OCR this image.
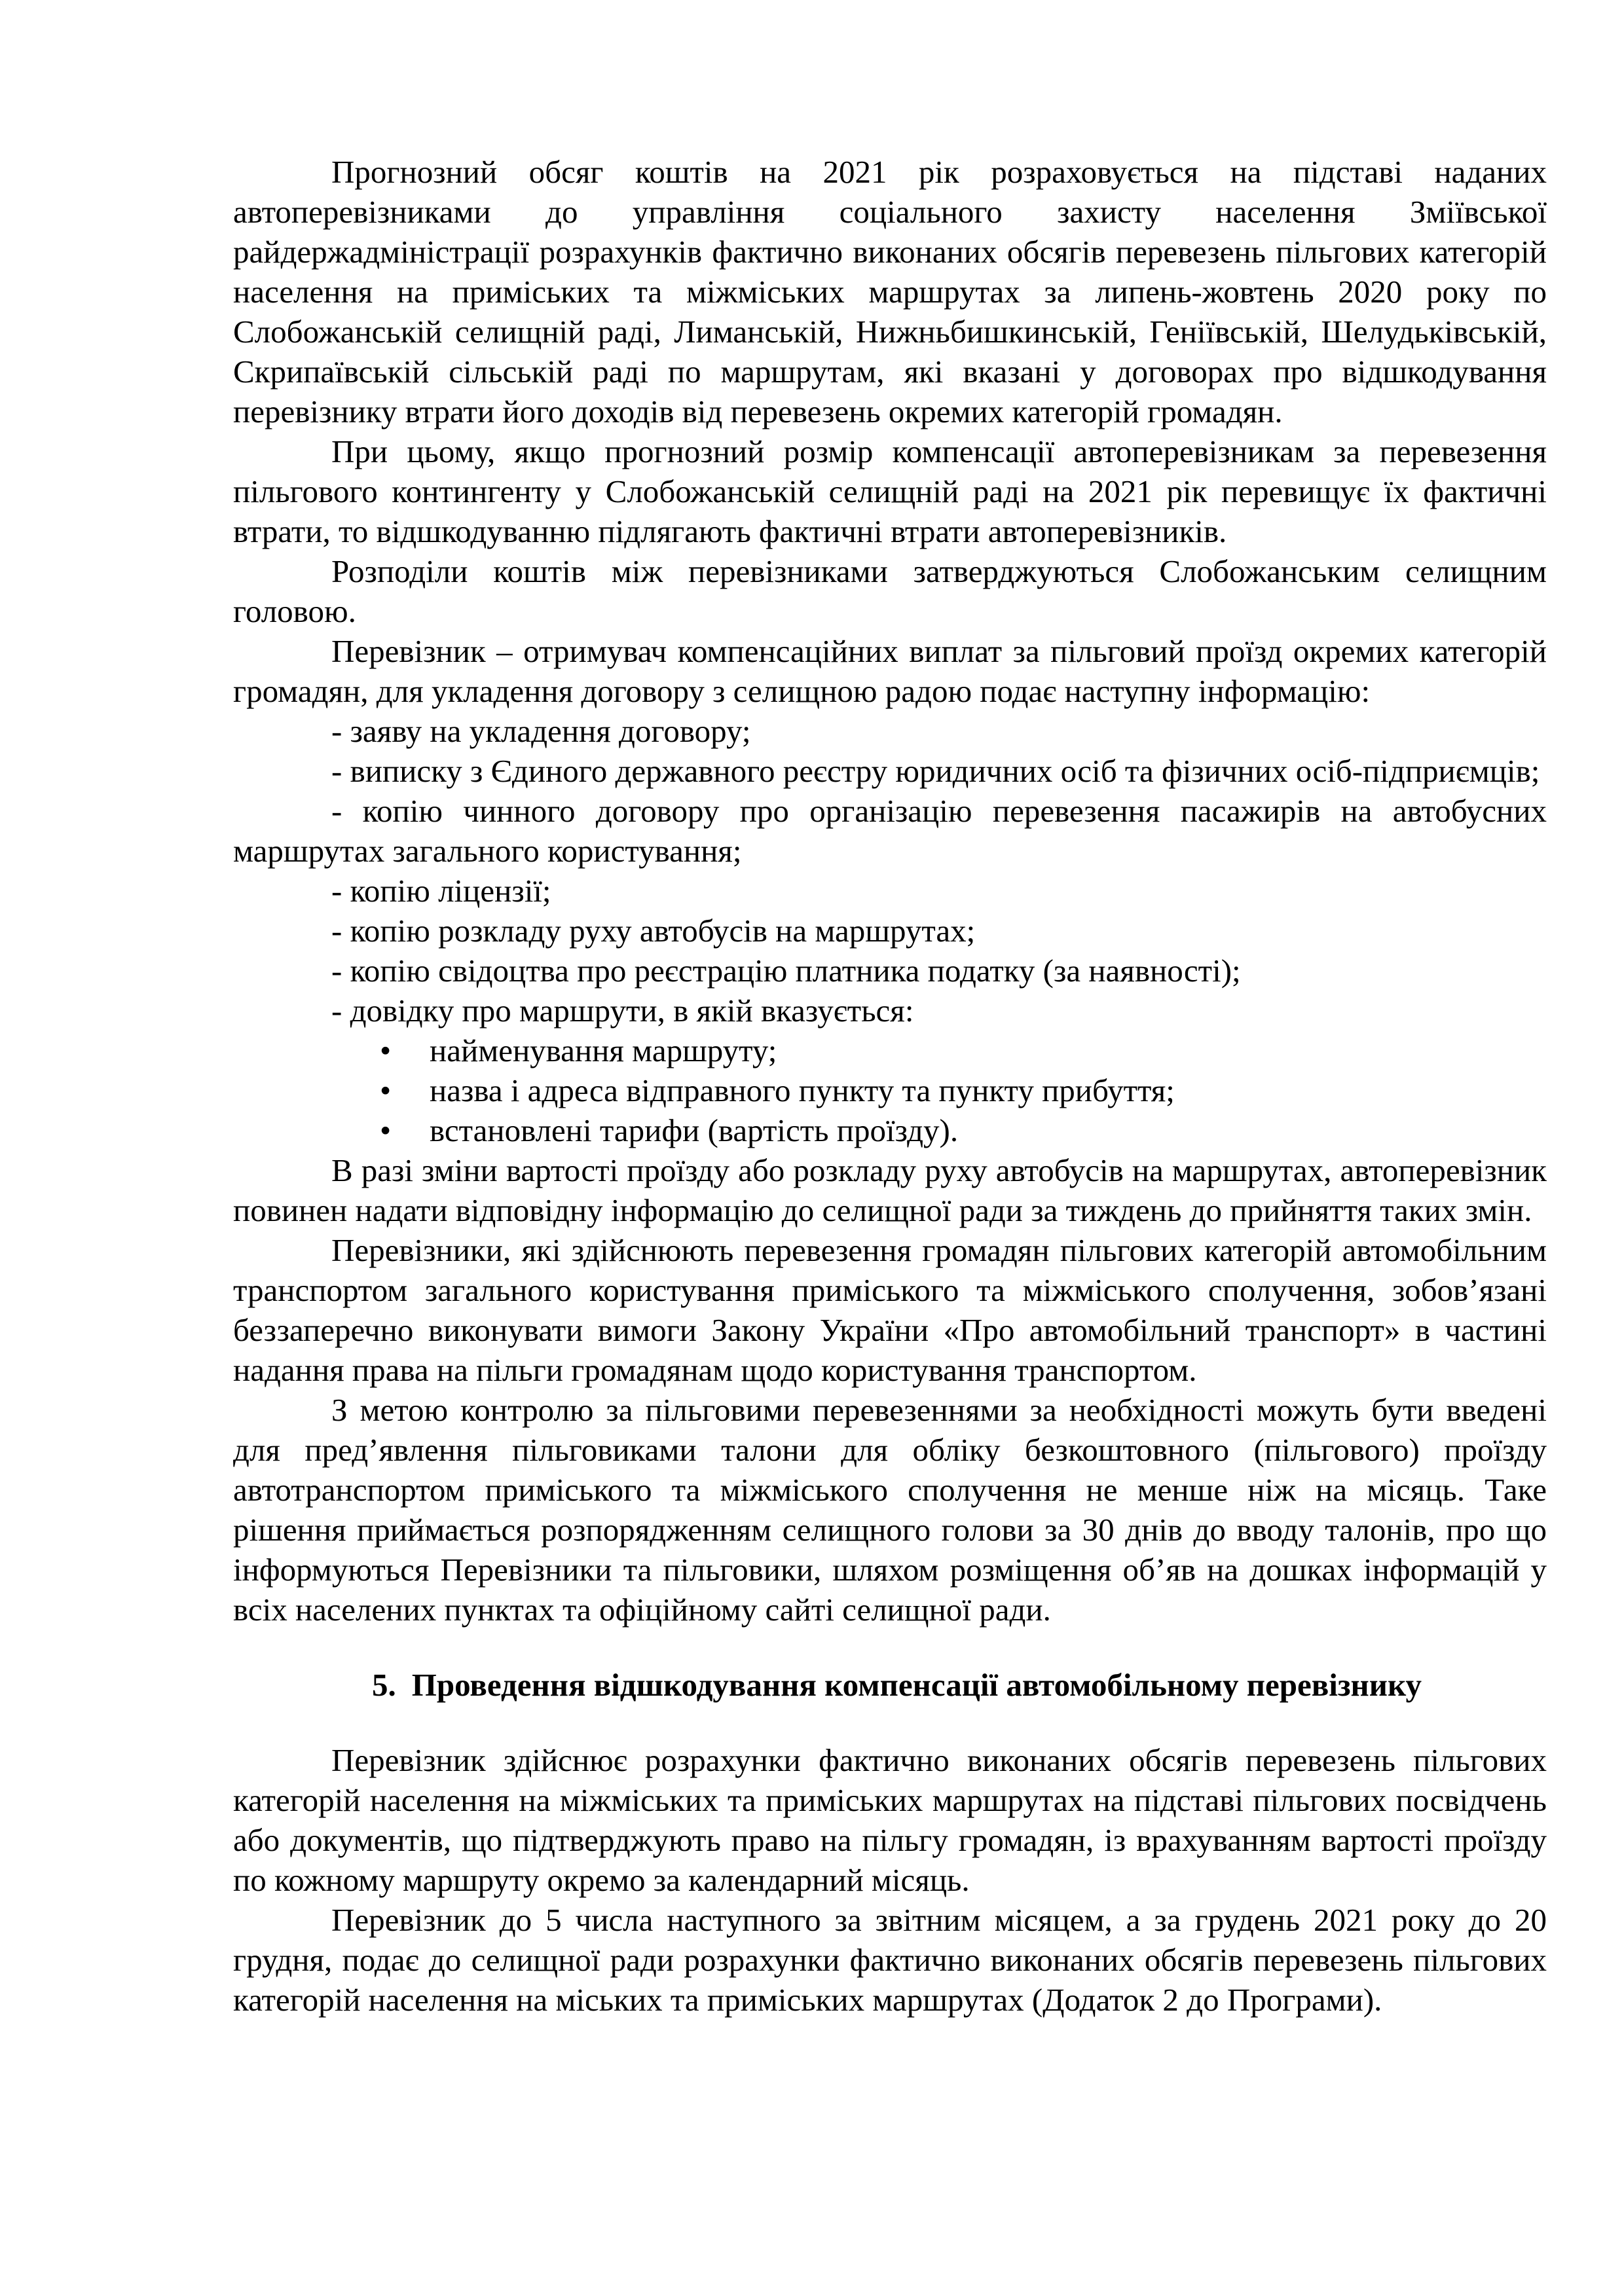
Прогнозний обсяг коштів на 2021 рік розраховується на підставі наданих автоперевізниками до управління соціального захисту населення Зміївської райдержадміністрації розрахунків фактично виконаних обсягів перевезень пільгових категорій населення на приміських та міжміських маршрутах за липень-жовтень 2020 року по Слобожанській селищній раді, Лиманській, Нижньбишкинській, Геніївській, Шелудьківській, Скрипаївській сільській раді по маршрутам, які вказані у договорах про відшкодування перевізнику втрати його доходів від перевезень окремих категорій громадян.

При цьому, якщо прогнозний розмір компенсації автоперевізникам за перевезення пільгового контингенту у Слобожанській селищній раді на 2021 рік перевищує їх фактичні втрати, то відшкодуванню підлягають фактичні втрати автоперевізників.

Розподіли коштів між перевізниками затверджуються Слобожанським селищним головою.

Перевізник – отримувач компенсаційних виплат за пільговий проїзд окремих категорій громадян, для укладення договору з селищною радою подає наступну інформацію:

- заяву на укладення договору;

- виписку з Єдиного державного реєстру юридичних осіб та фізичних осіб-підприємців;

- копію чинного договору про організацію перевезення пасажирів на автобусних маршрутах загального користування;

- копію ліцензії;

- копію розкладу руху автобусів на маршрутах;

- копію свідоцтва про реєстрацію платника податку (за наявності);

- довідку про маршрути, в якій вказується:

• найменування маршруту;
• назва і адреса відправного пункту та пункту прибуття;
• встановлені тарифи (вартість проїзду).

В разі зміни вартості проїзду або розкладу руху автобусів на маршрутах, автоперевізник повинен надати відповідну інформацію до селищної ради за тиждень до прийняття таких змін.

Перевізники, які здійснюють перевезення громадян пільгових категорій автомобільним транспортом загального користування приміського та міжміського сполучення, зобов’язані беззаперечно виконувати вимоги Закону України «Про автомобільний транспорт» в частині надання права на пільги громадянам щодо користування транспортом.

З метою контролю за пільговими перевезеннями за необхідності можуть бути введені для пред’явлення пільговиками талони для обліку безкоштовного (пільгового) проїзду автотранспортом приміського та міжміського сполучення не менше ніж на місяць. Таке рішення приймається розпорядженням селищного голови за 30 днів до вводу талонів, про що інформуються Перевізники та пільговики, шляхом розміщення об’яв на дошках інформацій у всіх населених пунктах та офіційному сайті селищної ради.

5. Проведення відшкодування компенсації автомобільному перевізнику

Перевізник здійснює розрахунки фактично виконаних обсягів перевезень пільгових категорій населення на міжміських та приміських маршрутах на підставі пільгових посвідчень або документів, що підтверджують право на пільгу громадян, із врахуванням вартості проїзду по кожному маршруту окремо за календарний місяць.

Перевізник до 5 числа наступного за звітним місяцем, а за грудень 2021 року до 20 грудня, подає до селищної ради розрахунки фактично виконаних обсягів перевезень пільгових категорій населення на міських та приміських маршрутах (Додаток 2 до Програми).
